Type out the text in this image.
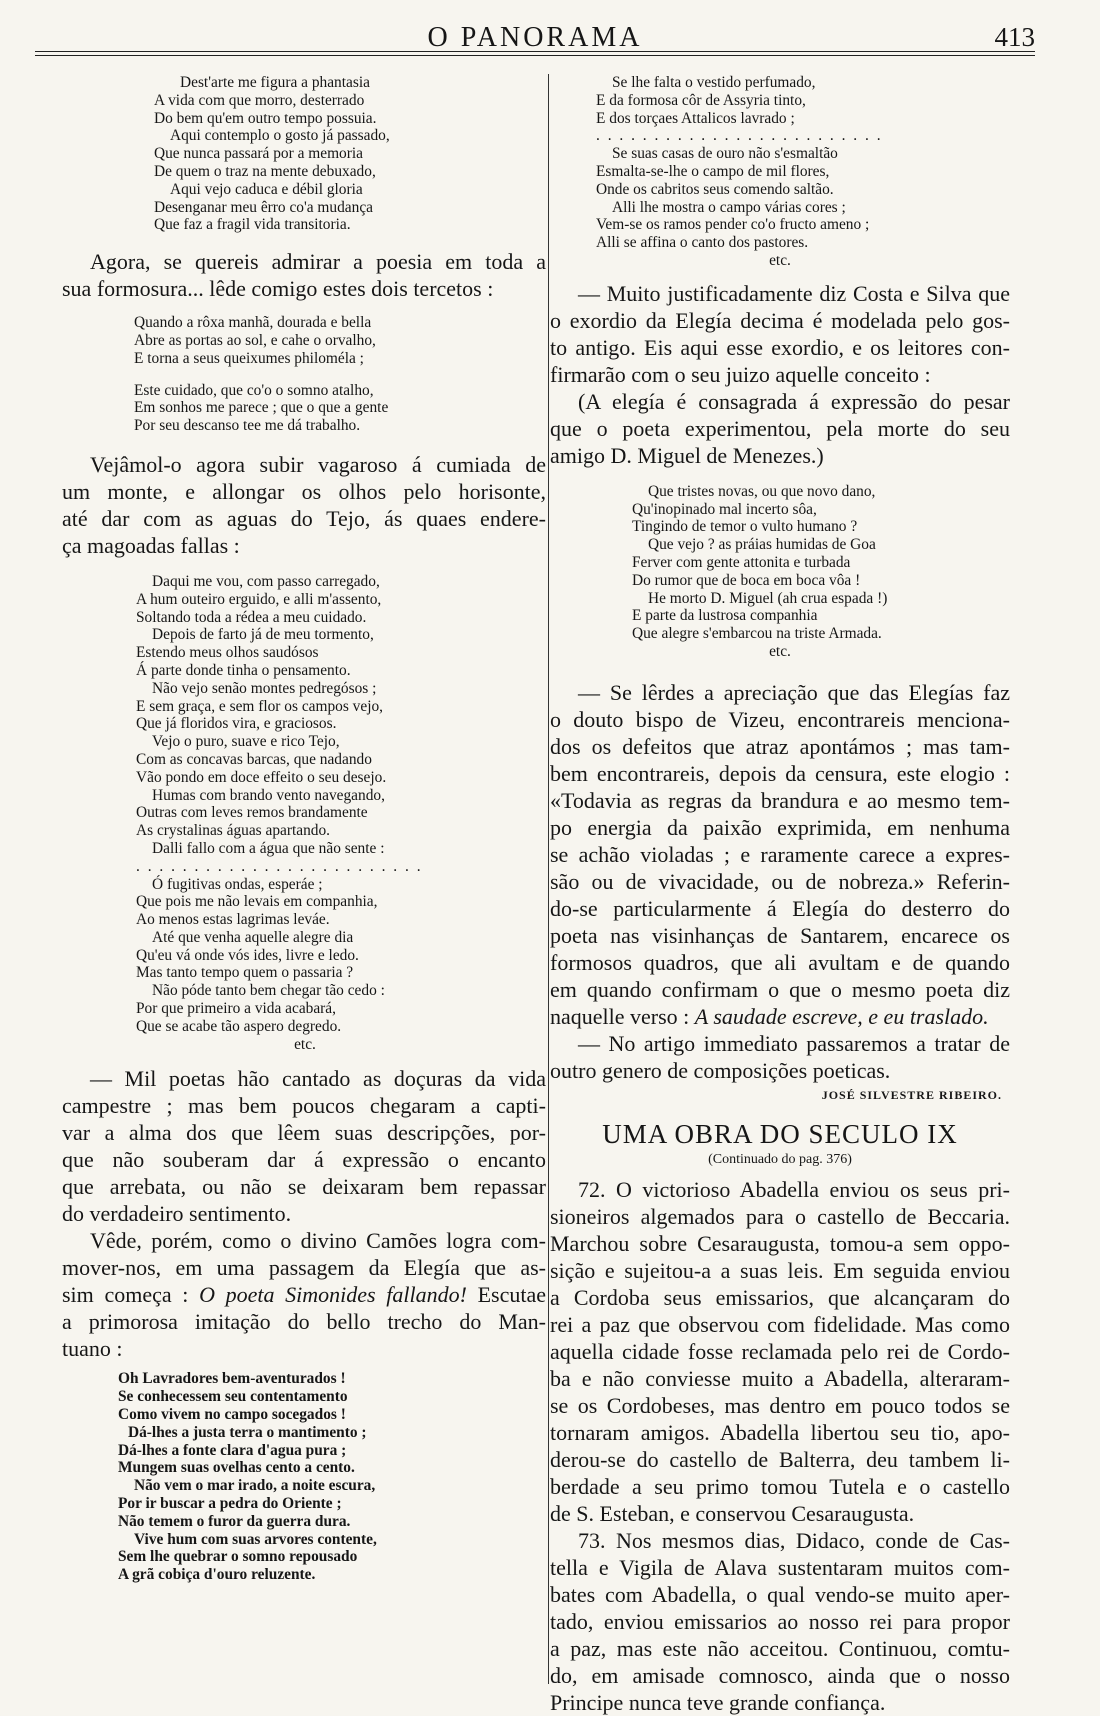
O PANORAMA	413
Dest'arte me figura a phantasia
A vida com que morro, desterrado
Do bem qu'em outro tempo possuia.
Aqui contemplo o gosto já passado,
Que nunca passará por a memoria
De quem o traz na mente debuxado,
Aqui vejo caduca e débil gloria
Desenganar meu êrro co'a mudança
Que faz a fragil vida transitoria.
Agora, se quereis admirar a poesia em toda a
sua formosura... lêde comigo estes dois tercetos :
Quando a rôxa manhã, dourada e bella
Abre as portas ao sol, e cahe o orvalho,
E torna a seus queixumes philoméla ;
Este cuidado, que co'o o somno atalho,
Em sonhos me parece ; que o que a gente
Por seu descanso tee me dá trabalho.
Vejâmol-o agora subir vagaroso á cumiada de
um monte, e allongar os olhos pelo horisonte,
até dar com as aguas do Tejo, ás quaes endere-
ça magoadas fallas :
Daqui me vou, com passo carregado,
A hum outeiro erguido, e alli m'assento,
Soltando toda a rédea a meu cuidado.
Depois de farto já de meu tormento,
Estendo meus olhos saudósos
Á parte donde tinha o pensamento.
Não vejo senão montes pedregósos ;
E sem graça, e sem flor os campos vejo,
Que já floridos vira, e graciosos.
Vejo o puro, suave e rico Tejo,
Com as concavas barcas, que nadando
Vão pondo em doce effeito o seu desejo.
Humas com brando vento navegando,
Outras com leves remos brandamente
As crystalinas águas apartando.
Dalli fallo com a água que não sente :
. . . . . . . . . . . . . . . . . . . . . . . . .
Ó fugitivas ondas, esperáe ;
Que pois me não levais em companhia,
Ao menos estas lagrimas leváe.
Até que venha aquelle alegre dia
Qu'eu vá onde vós ides, livre e ledo.
Mas tanto tempo quem o passaria ?
Não póde tanto bem chegar tão cedo :
Por que primeiro a vida acabará,
Que se acabe tão aspero degredo.
etc.
— Mil poetas hão cantado as doçuras da vida
campestre ; mas bem poucos chegaram a capti-
var a alma dos que lêem suas descripções, por-
que não souberam dar á expressão o encanto
que arrebata, ou não se deixaram bem repassar
do verdadeiro sentimento.
Vêde, porém, como o divino Camões logra com-
mover-nos, em uma passagem da Elegía que as-
sim começa : O poeta Simonides fallando! Escutae
a primorosa imitação do bello trecho do Man-
tuano :
Oh Lavradores bem-aventurados !
Se conhecessem seu contentamento
Como vivem no campo socegados !
Dá-lhes a justa terra o mantimento ;
Dá-lhes a fonte clara d'agua pura ;
Mungem suas ovelhas cento a cento.
Não vem o mar irado, a noite escura,
Por ir buscar a pedra do Oriente ;
Não temem o furor da guerra dura.
Vive hum com suas arvores contente,
Sem lhe quebrar o somno repousado
A grã cobiça d'ouro reluzente.
Se lhe falta o vestido perfumado,
E da formosa côr de Assyria tinto,
E dos torçaes Attalicos lavrado ;
. . . . . . . . . . . . . . . . . . . . . . . . .
Se suas casas de ouro não s'esmaltão
Esmalta-se-lhe o campo de mil flores,
Onde os cabritos seus comendo saltão.
Alli lhe mostra o campo várias cores ;
Vem-se os ramos pender co'o fructo ameno ;
Alli se affina o canto dos pastores.
etc.
— Muito justificadamente diz Costa e Silva que
o exordio da Elegía decima é modelada pelo gos-
to antigo. Eis aqui esse exordio, e os leitores con-
firmarão com o seu juizo aquelle conceito :
(A elegía é consagrada á expressão do pesar
que o poeta experimentou, pela morte do seu
amigo D. Miguel de Menezes.)
Que tristes novas, ou que novo dano,
Qu'inopinado mal incerto sôa,
Tingindo de temor o vulto humano ?
Que vejo ? as práias humidas de Goa
Ferver com gente attonita e turbada
Do rumor que de boca em boca vôa !
He morto D. Miguel (ah crua espada !)
E parte da lustrosa companhia
Que alegre s'embarcou na triste Armada.
etc.
— Se lêrdes a apreciação que das Elegías faz
o douto bispo de Vizeu, encontrareis menciona-
dos os defeitos que atraz apontámos ; mas tam-
bem encontrareis, depois da censura, este elogio :
«Todavia as regras da brandura e ao mesmo tem-
po energia da paixão exprimida, em nenhuma
se achão violadas ; e raramente carece a expres-
são ou de vivacidade, ou de nobreza.» Referin-
do-se particularmente á Elegía do desterro do
poeta nas visinhanças de Santarem, encarece os
formosos quadros, que ali avultam e de quando
em quando confirmam o que o mesmo poeta diz
naquelle verso : A saudade escreve, e eu traslado.
— No artigo immediato passaremos a tratar de
outro genero de composições poeticas.
JOSÉ SILVESTRE RIBEIRO.
UMA OBRA DO SECULO IX
(Continuado do pag. 376)
72. O victorioso Abadella enviou os seus pri-
sioneiros algemados para o castello de Beccaria.
Marchou sobre Cesaraugusta, tomou-a sem oppo-
sição e sujeitou-a a suas leis. Em seguida enviou
a Cordoba seus emissarios, que alcançaram do
rei a paz que observou com fidelidade. Mas como
aquella cidade fosse reclamada pelo rei de Cordo-
ba e não conviesse muito a Abadella, alteraram-
se os Cordobeses, mas dentro em pouco todos se
tornaram amigos. Abadella libertou seu tio, apo-
derou-se do castello de Balterra, deu tambem li-
berdade a seu primo tomou Tutela e o castello
de S. Esteban, e conservou Cesaraugusta.
73. Nos mesmos dias, Didaco, conde de Cas-
tella e Vigila de Alava sustentaram muitos com-
bates com Abadella, o qual vendo-se muito aper-
tado, enviou emissarios ao nosso rei para propor
a paz, mas este não acceitou. Continuou, comtu-
do, em amisade comnosco, ainda que o nosso
Principe nunca teve grande confiança.
